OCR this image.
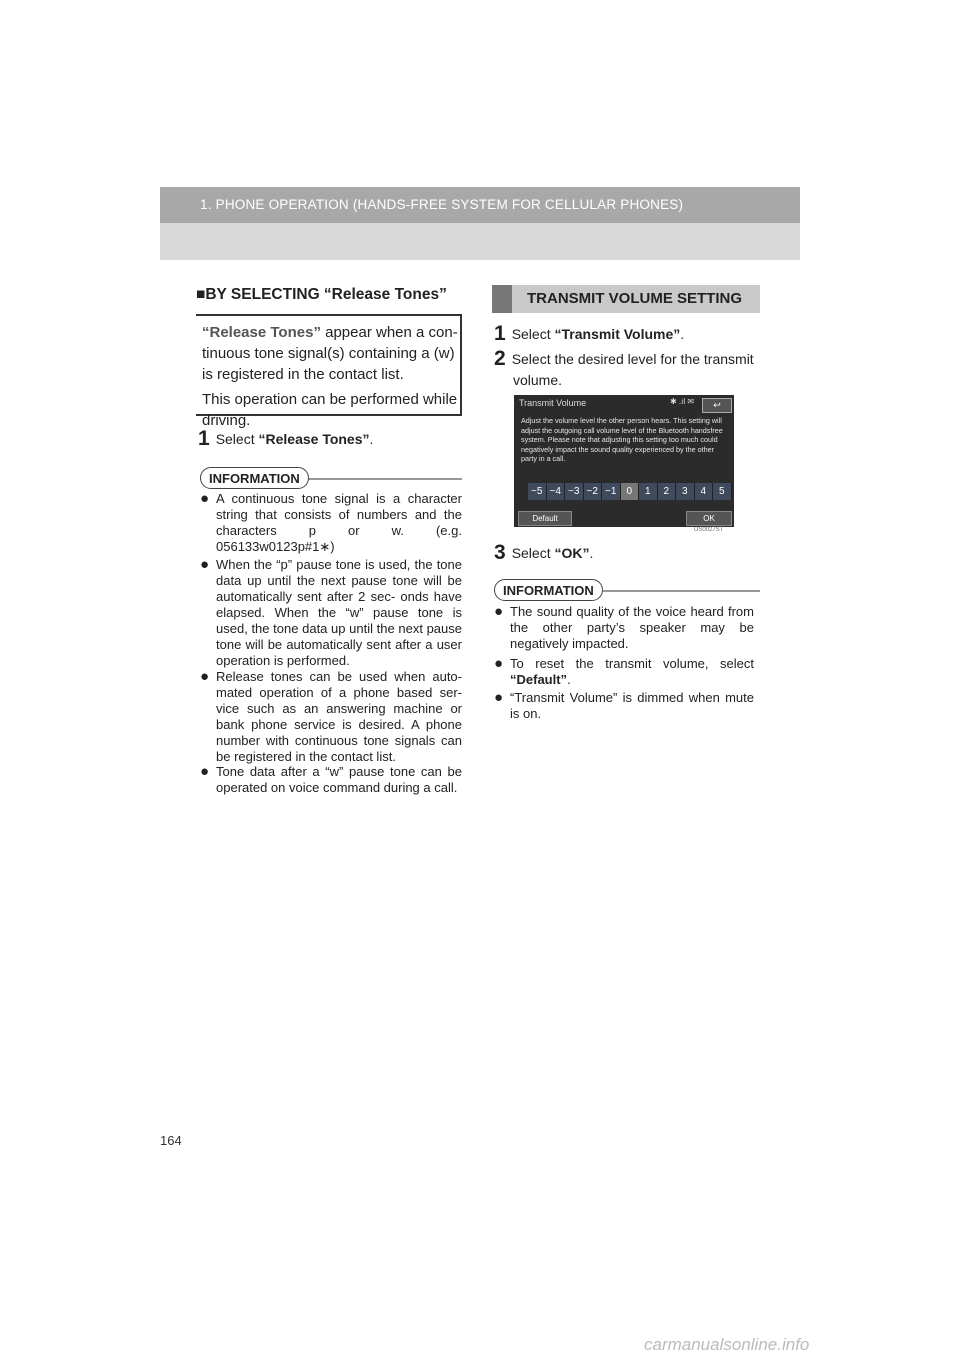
1. PHONE OPERATION (HANDS-FREE SYSTEM FOR CELLULAR PHONES)
■BY SELECTING “Release Tones”

“Release Tones” appear when a con-

tinuous tone signal(s) containing a (w)

is registered in the contact list.

This operation can be performed while

driving.

1 Select “Release Tones”.
INFORMATION
● A continuous tone signal is a character string that consists of numbers and the characters p or w. (e.g. 056133w0123p#1∗)
● When the “p” pause tone is used, the tone data up until the next pause tone will be automatically sent after 2 sec- onds have elapsed. When the “w” pause tone is used, the tone data up until the next pause tone will be automatically sent after a user operation is performed.
● Release tones can be used when auto- mated operation of a phone based ser- vice such as an answering machine or bank phone service is desired. A phone number with continuous tone signals can be registered in the contact list.
● Tone data after a “w” pause tone can be operated on voice command during a call.
TRANSMIT VOLUME SETTING
1 Select “Transmit Volume”.
2 Select the desired level for the transmit
volume.
Transmit Volume	✱ .ıl ✉	↩
Adjust the volume level the other person hears. This setting will adjust the outgoing call volume level of the Bluetooth handsfree system. Please note that adjusting this setting too much could negatively impact the sound quality experienced by the other party in a call.
−5 −4 −3 −2 −1	0	1	2	3	4	5
Default	OK
US0027ST
3 Select “OK”.
INFORMATION
● The sound quality of the voice heard from the other party’s speaker may be negatively impacted.
● To reset the transmit volume, select “Default”.
● “Transmit Volume” is dimmed when mute is on.
164
carmanualsonline.info
